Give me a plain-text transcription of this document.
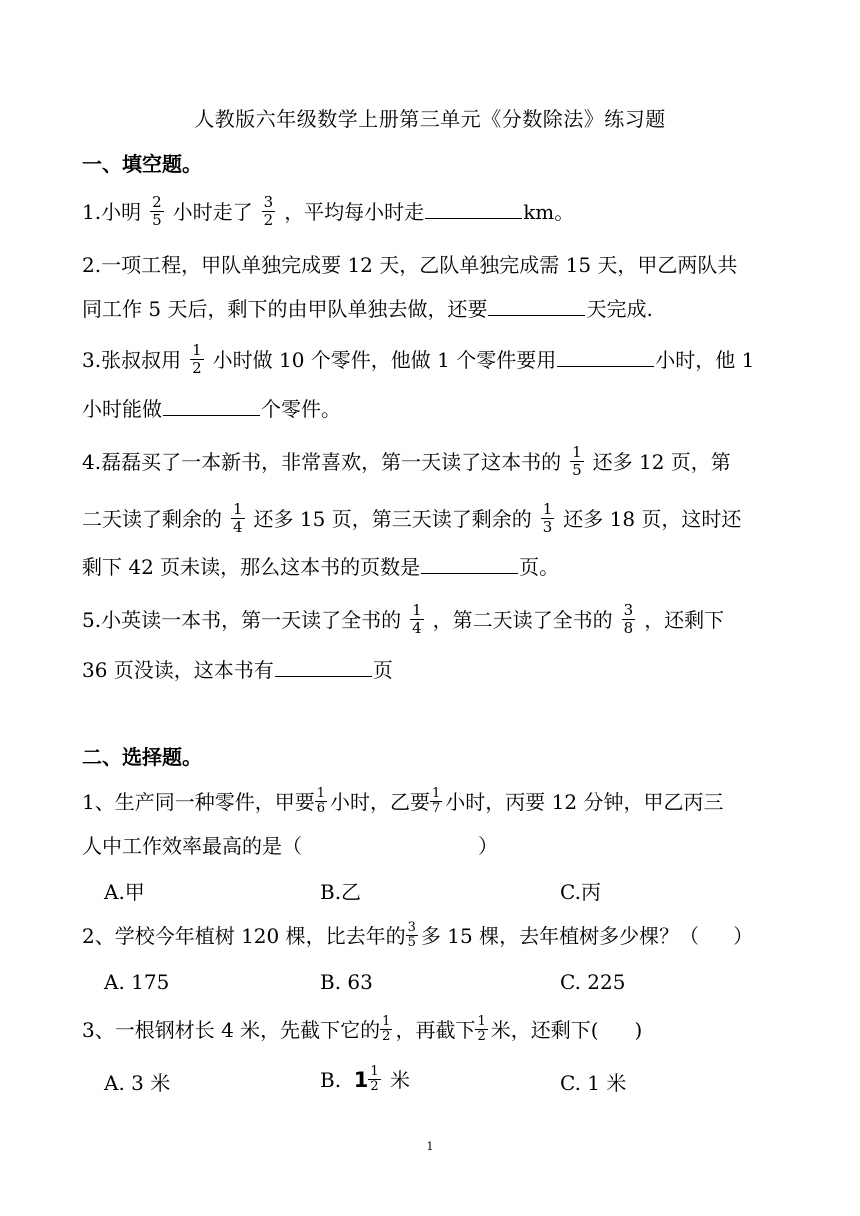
人教版六年级数学上册第三单元《分数除法》练习题
一、填空题。
1.小明 $\frac{2}{5}$ 小时走了 $\frac{3}{2}$ ，平均每小时走	km。
2.一项工程，甲队单独完成要 12 天，乙队单独完成需 15 天，甲乙两队共
同工作 5 天后，剩下的由甲队单独去做，还要	天完成.
3.张叔叔用 $\frac{1}{2}$ 小时做 10 个零件，他做 1 个零件要用	小时，他 1
小时能做	个零件。
4.磊磊买了一本新书，非常喜欢，第一天读了这本书的 $\frac{1}{5}$ 还多 12 页，第
二天读了剩余的 $\frac{1}{4}$ 还多 15 页，第三天读了剩余的 $\frac{1}{3}$ 还多 18 页，这时还
剩下 42 页未读，那么这本书的页数是	页。
5.小英读一本书，第一天读了全书的 $\frac{1}{4}$ ，第二天读了全书的 $\frac{3}{8}$ ，还剩下
36 页没读，这本书有	页
二、选择题。
1、生产同一种零件，甲要 $\frac{1}{6}$ 小时，乙要 $\frac{1}{7}$ 小时，丙要 12 分钟，甲乙丙三
人中工作效率最高的是（	）
A.甲	B.乙	C.丙
2、学校今年植树 120 棵，比去年的 $\frac{3}{5}$ 多 15 棵，去年植树多少棵？（ ）
A. 175	B. 63	C. 225
3、一根钢材长 4 米，先截下它的 $\frac{1}{2}$ ，再截下 $\frac{1}{2}$ 米，还剩下( )
A. 3 米	B. $1 \frac{1}{2}$ 米	C. 1 米
1
